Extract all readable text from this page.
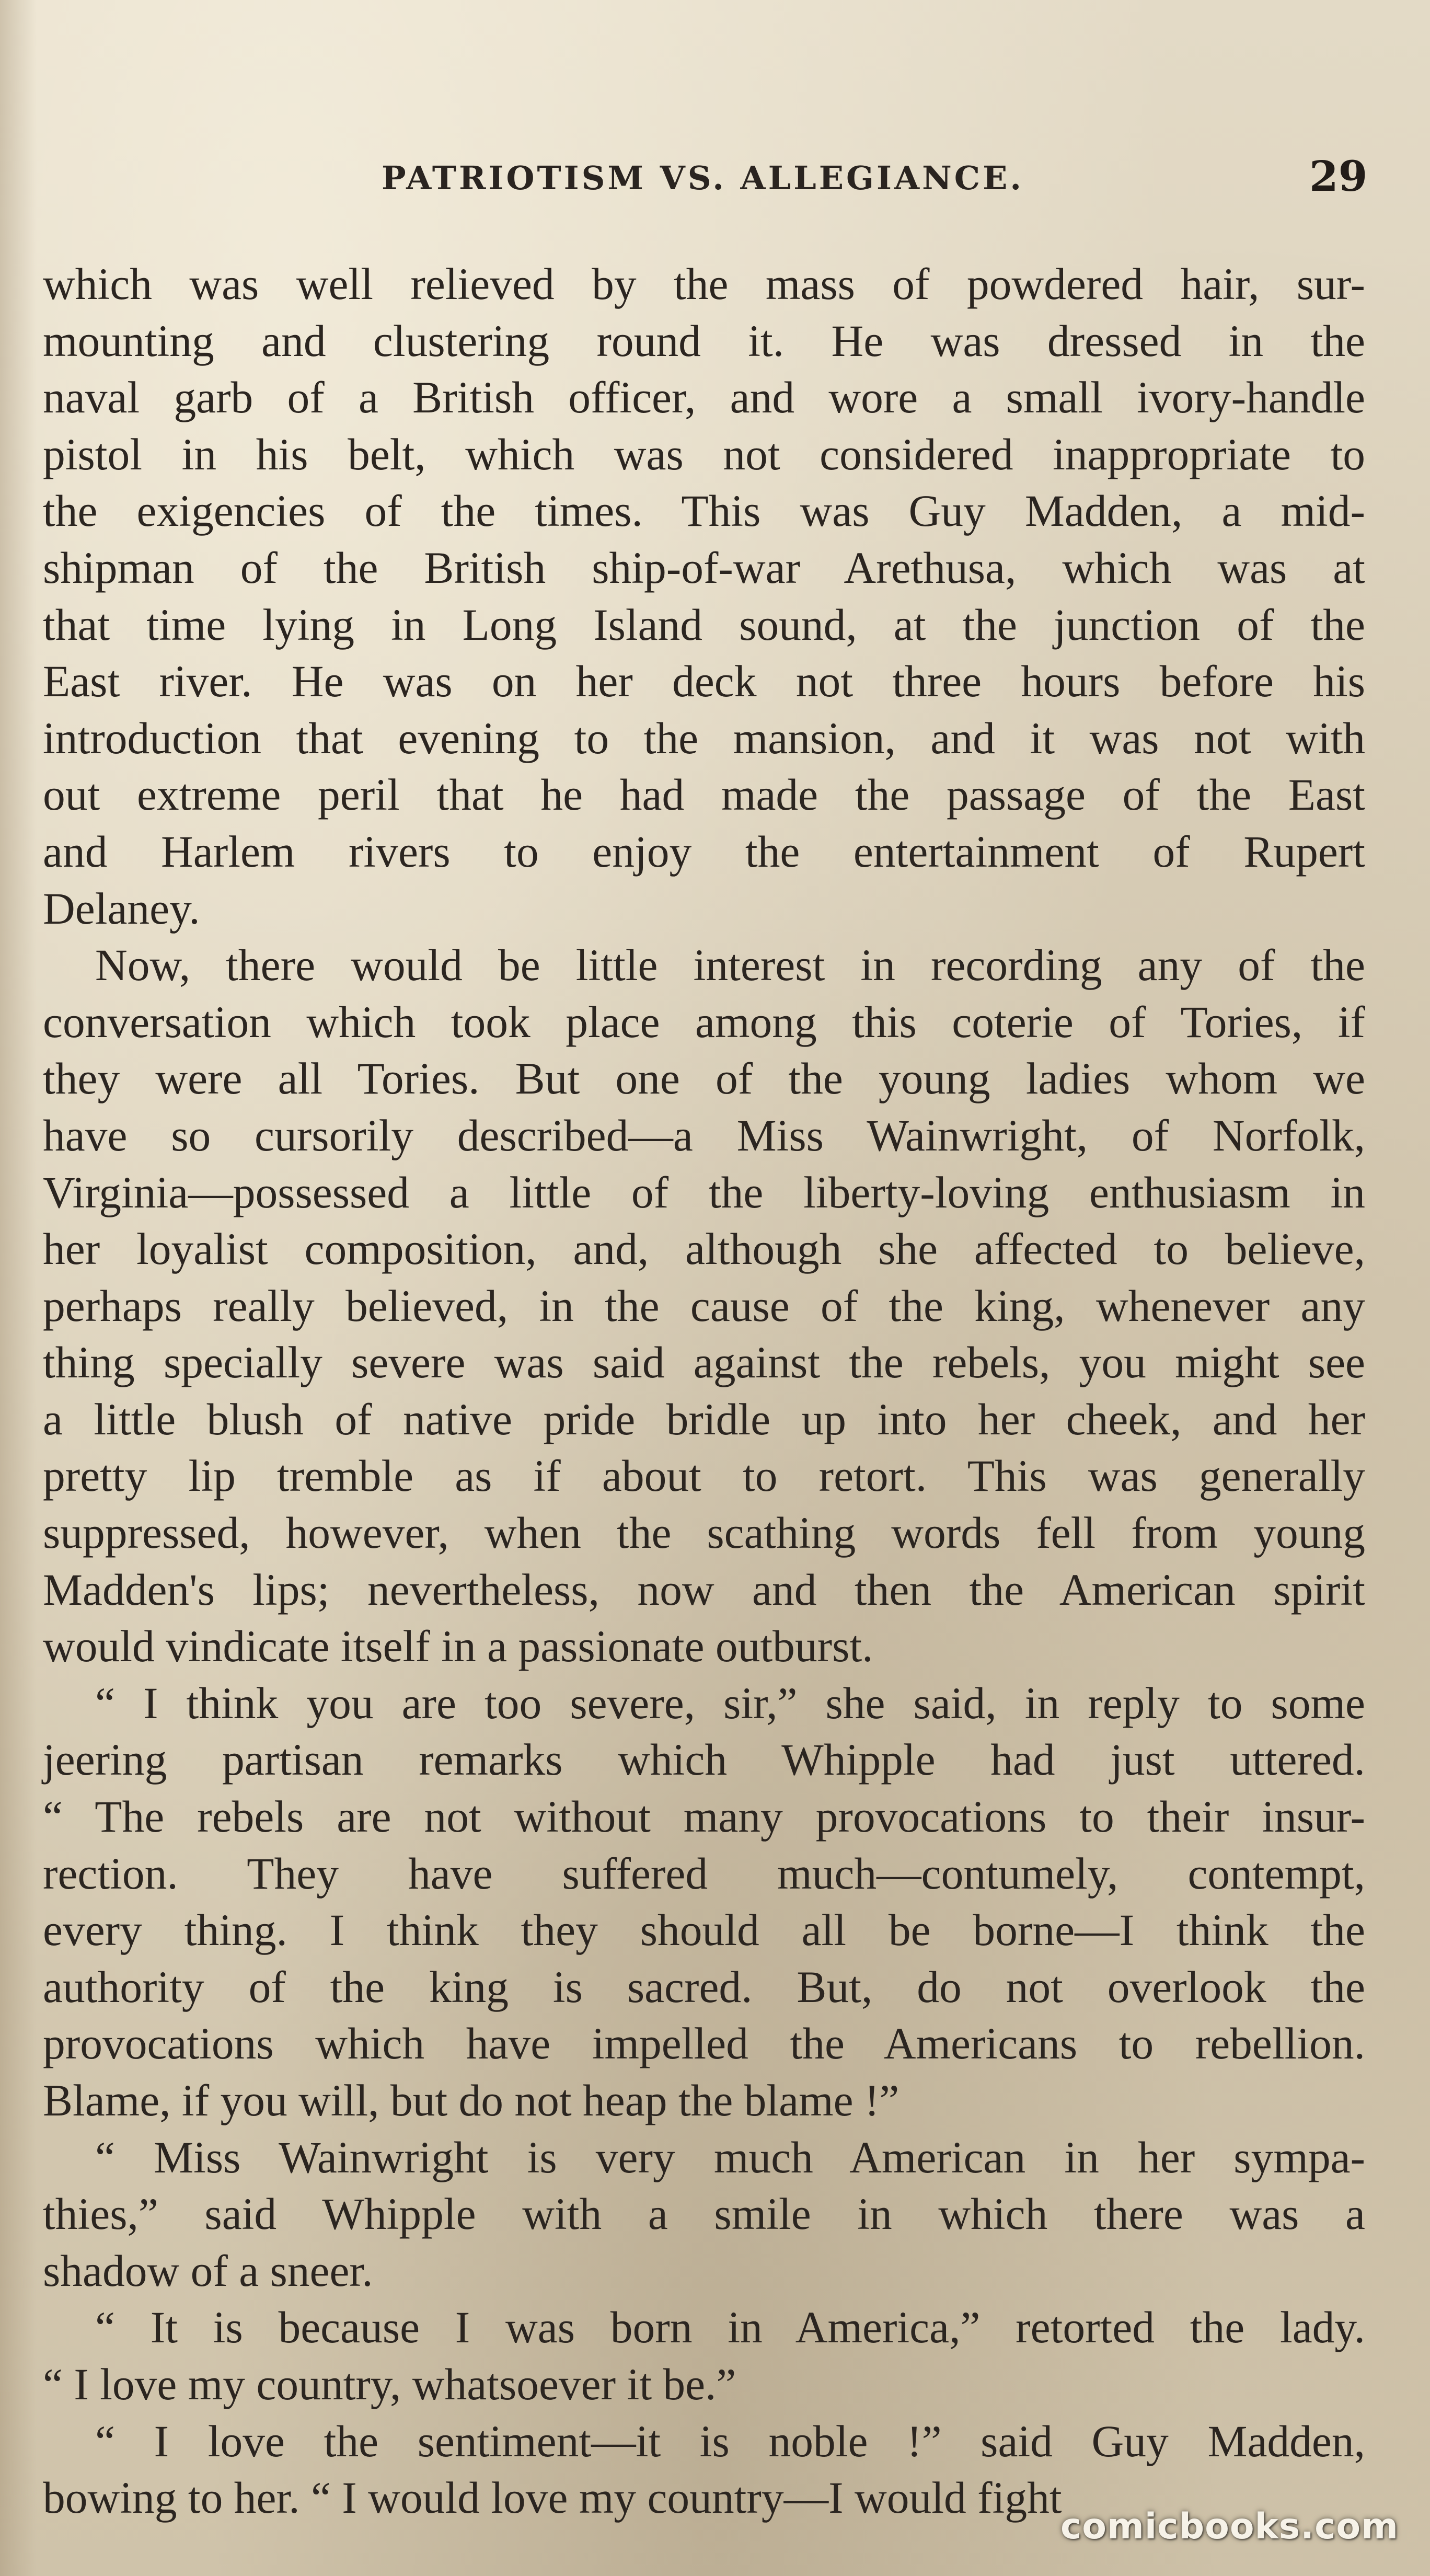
PATRIOTISM VS. ALLEGIANCE.	29
which was well relieved by the mass of powdered hair, sur-
mounting and clustering round it. He was dressed in the
naval garb of a British officer, and wore a small ivory-handle
pistol in his belt, which was not considered inappropriate to
the exigencies of the times. This was Guy Madden, a mid-
shipman of the British ship-of-war Arethusa, which was at
that time lying in Long Island sound, at the junction of the
East river. He was on her deck not three hours before his
introduction that evening to the mansion, and it was not with
out extreme peril that he had made the passage of the East
and Harlem rivers to enjoy the entertainment of Rupert
Delaney.
Now, there would be little interest in recording any of the
conversation which took place among this coterie of Tories, if
they were all Tories. But one of the young ladies whom we
have so cursorily described—a Miss Wainwright, of Norfolk,
Virginia—possessed a little of the liberty-loving enthusiasm in
her loyalist composition, and, although she affected to believe,
perhaps really believed, in the cause of the king, whenever any
thing specially severe was said against the rebels, you might see
a little blush of native pride bridle up into her cheek, and her
pretty lip tremble as if about to retort. This was generally
suppressed, however, when the scathing words fell from young
Madden's lips; nevertheless, now and then the American spirit
would vindicate itself in a passionate outburst.
“ I think you are too severe, sir,” she said, in reply to some
jeering partisan remarks which Whipple had just uttered.
“ The rebels are not without many provocations to their insur-
rection. They have suffered much—contumely, contempt,
every thing. I think they should all be borne—I think the
authority of the king is sacred. But, do not overlook the
provocations which have impelled the Americans to rebellion.
Blame, if you will, but do not heap the blame !”
“ Miss Wainwright is very much American in her sympa-
thies,” said Whipple with a smile in which there was a
shadow of a sneer.
“ It is because I was born in America,” retorted the lady.
“ I love my country, whatsoever it be.”
“ I love the sentiment—it is noble !” said Guy Madden,
bowing to her. “ I would love my country—I would fight
comicbooks.com
